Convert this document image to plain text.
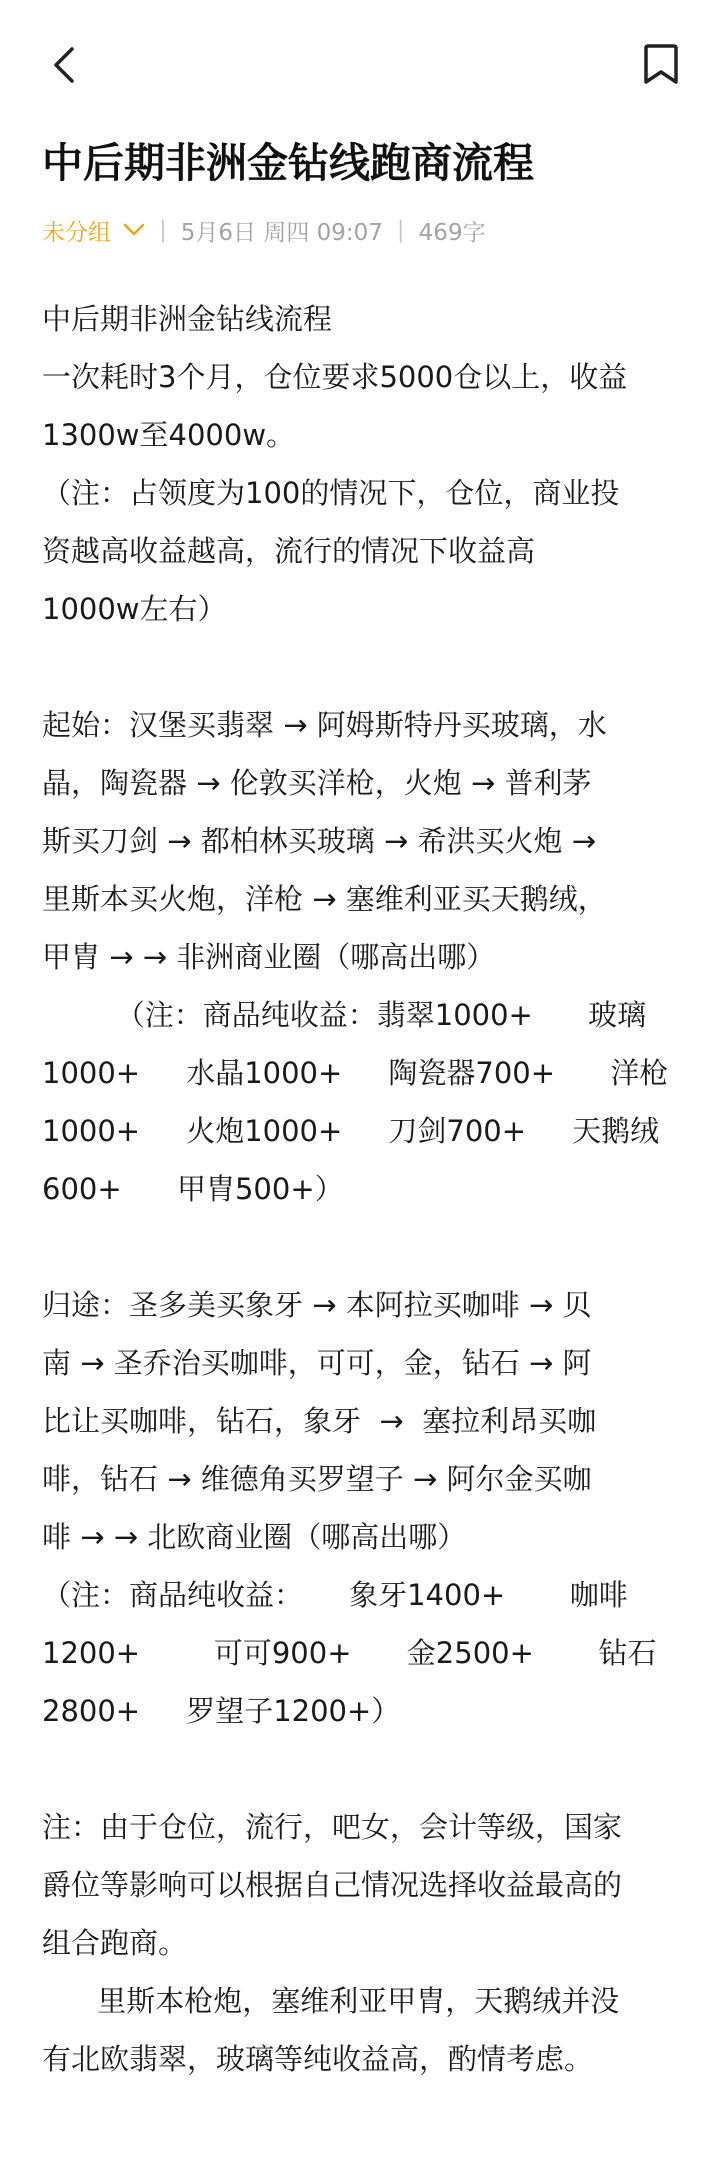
中后期非洲金钻线跑商流程
未分组 | 5月6日 周四 09:07 | 469字
中后期非洲金钻线流程
一次耗时3个月，仓位要求5000仓以上，收益
1300w至4000w。
（注：占领度为100的情况下，仓位，商业投
资越高收益越高，流行的情况下收益高
1000w左右）
起始：汉堡买翡翠 → 阿姆斯特丹买玻璃，水
晶，陶瓷器 → 伦敦买洋枪，火炮 → 普利茅
斯买刀剑 → 都柏林买玻璃 → 希洪买火炮 →
里斯本买火炮，洋枪 → 塞维利亚买天鹅绒，
甲胄 → → 非洲商业圈（哪高出哪）
（注：商品纯收益：翡翠1000+      玻璃
1000+     水晶1000+     陶瓷器700+      洋枪
1000+     火炮1000+     刀剑700+     天鹅绒
600+      甲胄500+）
归途：圣多美买象牙 → 本阿拉买咖啡 → 贝
南 → 圣乔治买咖啡，可可，金，钻石 → 阿
比让买咖啡，钻石，象牙  →  塞拉利昂买咖
啡，钻石 → 维德角买罗望子 → 阿尔金买咖
啡 → → 北欧商业圈（哪高出哪）
（注：商品纯收益：     象牙1400+       咖啡
1200+        可可900+      金2500+       钻石
2800+     罗望子1200+）
注：由于仓位，流行，吧女，会计等级，国家
爵位等影响可以根据自己情况选择收益最高的
组合跑商。
里斯本枪炮，塞维利亚甲胄，天鹅绒并没
有北欧翡翠，玻璃等纯收益高，酌情考虑。
